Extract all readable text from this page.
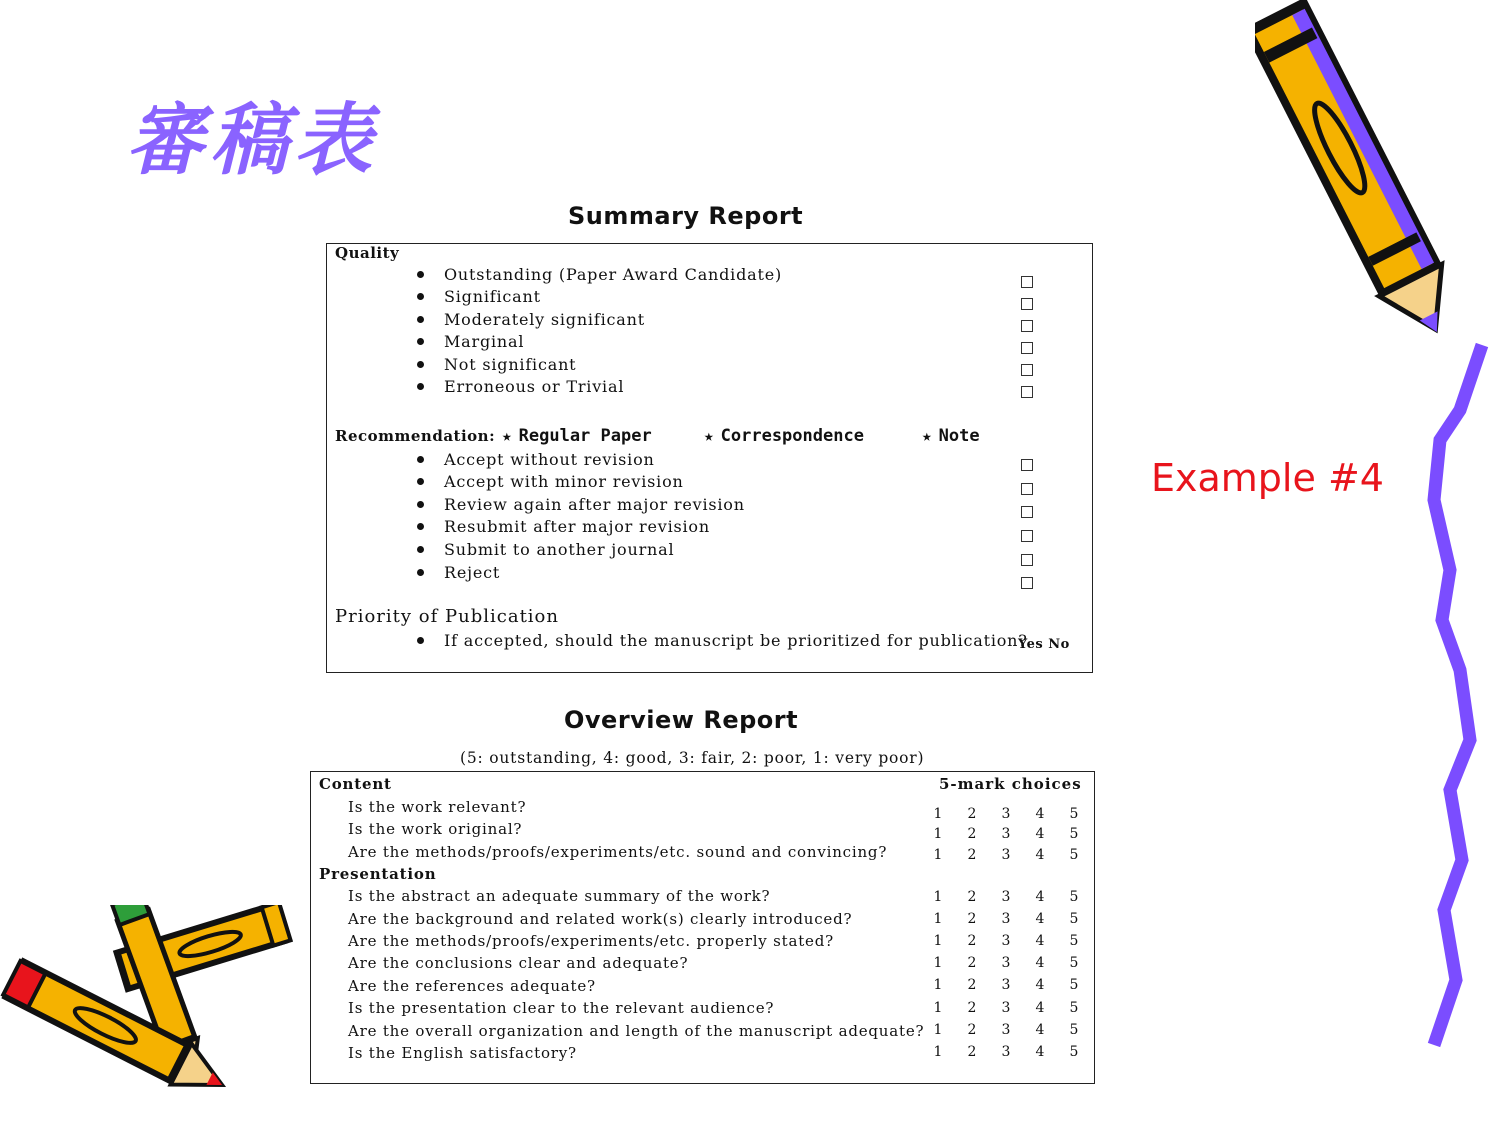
審稿表
Example #4
Summary Report
Quality
Outstanding (Paper Award Candidate)
Significant
Moderately significant
Marginal
Not significant
Erroneous or Trivial
Recommendation: ★ Regular Paper	★ Correspondence	★ Note
Accept without revision
Accept with minor revision
Review again after major revision
Resubmit after major revision
Submit to another journal
Reject
Priority of Publication
If accepted, should the manuscript be prioritized for publication?
Yes No
Overview Report
(5: outstanding, 4: good, 3: fair, 2: poor, 1: very poor)
Content	5-mark choices
Is the work relevant?	1 2 3 4 5
Is the work original?	1 2 3 4 5
Are the methods/proofs/experiments/etc. sound and convincing?	1 2 3 4 5
Presentation
Is the abstract an adequate summary of the work?	1 2 3 4 5
Are the background and related work(s) clearly introduced?	1 2 3 4 5
Are the methods/proofs/experiments/etc. properly stated?	1 2 3 4 5
Are the conclusions clear and adequate?	1 2 3 4 5
Are the references adequate?	1 2 3 4 5
Is the presentation clear to the relevant audience?	1 2 3 4 5
Are the overall organization and length of the manuscript adequate? 1 2 3 4 5
Is the English satisfactory?	1 2 3 4 5
